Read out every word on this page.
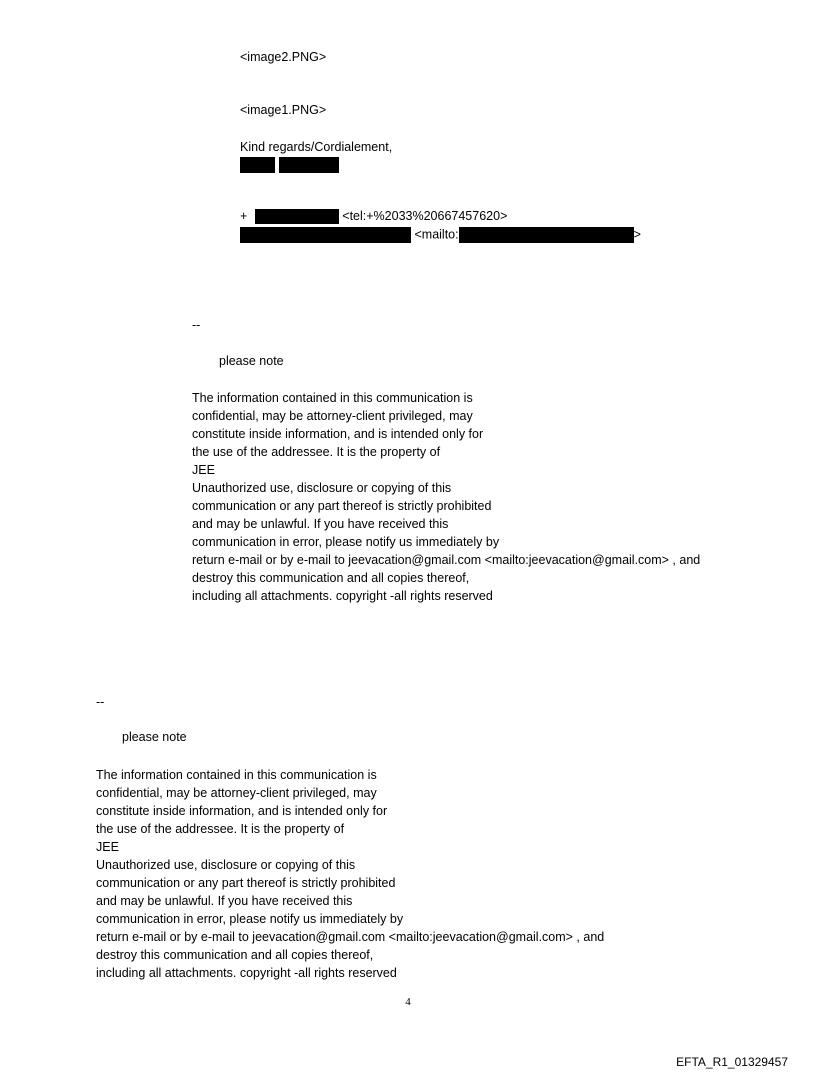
<image2.PNG>
<image1.PNG>
Kind regards/Cordialement,
+	<tel:+%2033%20667457620>
<mailto:	>
--
please note
The information contained in this communication is
confidential, may be attorney-client privileged, may
constitute inside information, and is intended only for
the use of the addressee. It is the property of
JEE
Unauthorized use, disclosure or copying of this
communication or any part thereof is strictly prohibited
and may be unlawful. If you have received this
communication in error, please notify us immediately by
return e-mail or by e-mail to jeevacation@gmail.com <mailto:jeevacation@gmail.com> , and
destroy this communication and all copies thereof,
including all attachments. copyright -all rights reserved
--
please note
The information contained in this communication is
confidential, may be attorney-client privileged, may
constitute inside information, and is intended only for
the use of the addressee. It is the property of
JEE
Unauthorized use, disclosure or copying of this
communication or any part thereof is strictly prohibited
and may be unlawful. If you have received this
communication in error, please notify us immediately by
return e-mail or by e-mail to jeevacation@gmail.com <mailto:jeevacation@gmail.com> , and
destroy this communication and all copies thereof,
including all attachments. copyright -all rights reserved
4
EFTA_R1_01329457
